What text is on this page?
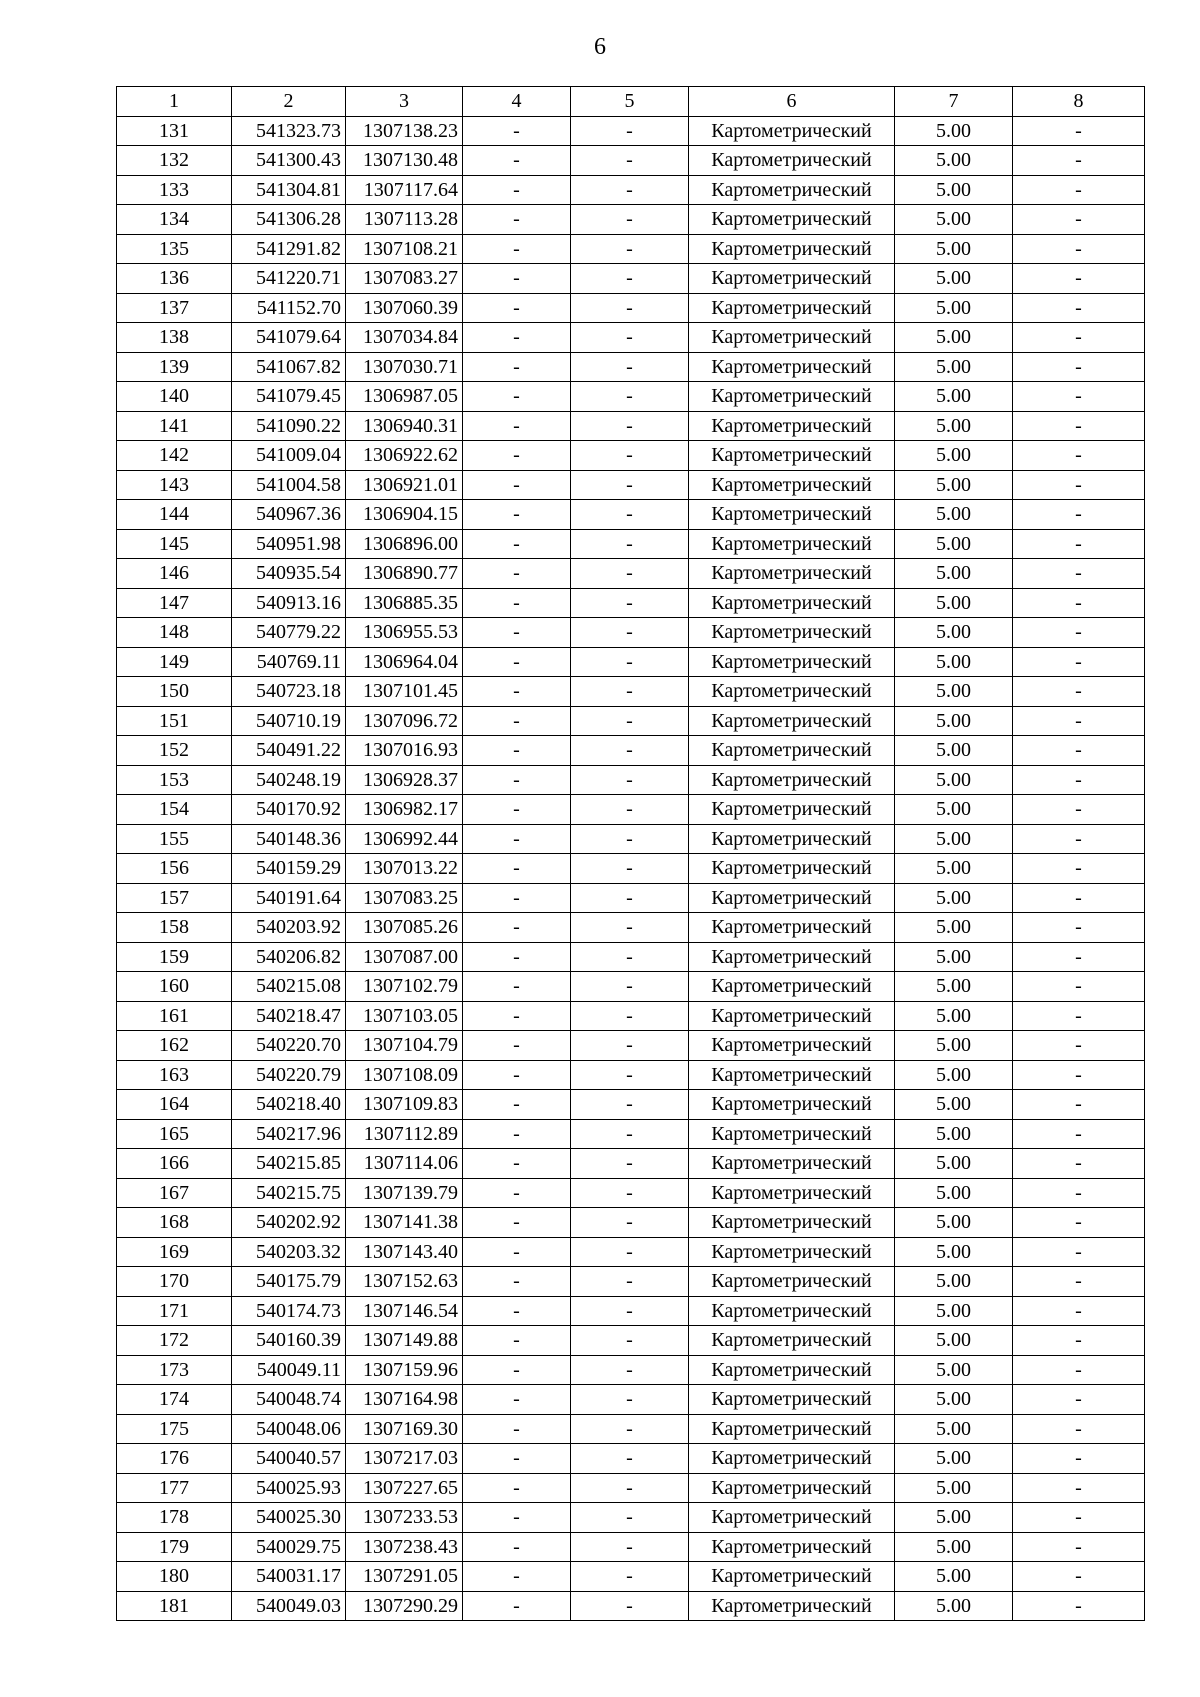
6
1	2	3	4	5	6	7	8
131	541323.73	1307138.23	-	-	Картометрический	5.00	-
132	541300.43	1307130.48	-	-	Картометрический	5.00	-
133	541304.81	1307117.64	-	-	Картометрический	5.00	-
134	541306.28	1307113.28	-	-	Картометрический	5.00	-
135	541291.82	1307108.21	-	-	Картометрический	5.00	-
136	541220.71	1307083.27	-	-	Картометрический	5.00	-
137	541152.70	1307060.39	-	-	Картометрический	5.00	-
138	541079.64	1307034.84	-	-	Картометрический	5.00	-
139	541067.82	1307030.71	-	-	Картометрический	5.00	-
140	541079.45	1306987.05	-	-	Картометрический	5.00	-
141	541090.22	1306940.31	-	-	Картометрический	5.00	-
142	541009.04	1306922.62	-	-	Картометрический	5.00	-
143	541004.58	1306921.01	-	-	Картометрический	5.00	-
144	540967.36	1306904.15	-	-	Картометрический	5.00	-
145	540951.98	1306896.00	-	-	Картометрический	5.00	-
146	540935.54	1306890.77	-	-	Картометрический	5.00	-
147	540913.16	1306885.35	-	-	Картометрический	5.00	-
148	540779.22	1306955.53	-	-	Картометрический	5.00	-
149	540769.11	1306964.04	-	-	Картометрический	5.00	-
150	540723.18	1307101.45	-	-	Картометрический	5.00	-
151	540710.19	1307096.72	-	-	Картометрический	5.00	-
152	540491.22	1307016.93	-	-	Картометрический	5.00	-
153	540248.19	1306928.37	-	-	Картометрический	5.00	-
154	540170.92	1306982.17	-	-	Картометрический	5.00	-
155	540148.36	1306992.44	-	-	Картометрический	5.00	-
156	540159.29	1307013.22	-	-	Картометрический	5.00	-
157	540191.64	1307083.25	-	-	Картометрический	5.00	-
158	540203.92	1307085.26	-	-	Картометрический	5.00	-
159	540206.82	1307087.00	-	-	Картометрический	5.00	-
160	540215.08	1307102.79	-	-	Картометрический	5.00	-
161	540218.47	1307103.05	-	-	Картометрический	5.00	-
162	540220.70	1307104.79	-	-	Картометрический	5.00	-
163	540220.79	1307108.09	-	-	Картометрический	5.00	-
164	540218.40	1307109.83	-	-	Картометрический	5.00	-
165	540217.96	1307112.89	-	-	Картометрический	5.00	-
166	540215.85	1307114.06	-	-	Картометрический	5.00	-
167	540215.75	1307139.79	-	-	Картометрический	5.00	-
168	540202.92	1307141.38	-	-	Картометрический	5.00	-
169	540203.32	1307143.40	-	-	Картометрический	5.00	-
170	540175.79	1307152.63	-	-	Картометрический	5.00	-
171	540174.73	1307146.54	-	-	Картометрический	5.00	-
172	540160.39	1307149.88	-	-	Картометрический	5.00	-
173	540049.11	1307159.96	-	-	Картометрический	5.00	-
174	540048.74	1307164.98	-	-	Картометрический	5.00	-
175	540048.06	1307169.30	-	-	Картометрический	5.00	-
176	540040.57	1307217.03	-	-	Картометрический	5.00	-
177	540025.93	1307227.65	-	-	Картометрический	5.00	-
178	540025.30	1307233.53	-	-	Картометрический	5.00	-
179	540029.75	1307238.43	-	-	Картометрический	5.00	-
180	540031.17	1307291.05	-	-	Картометрический	5.00	-
181	540049.03	1307290.29	-	-	Картометрический	5.00	-
